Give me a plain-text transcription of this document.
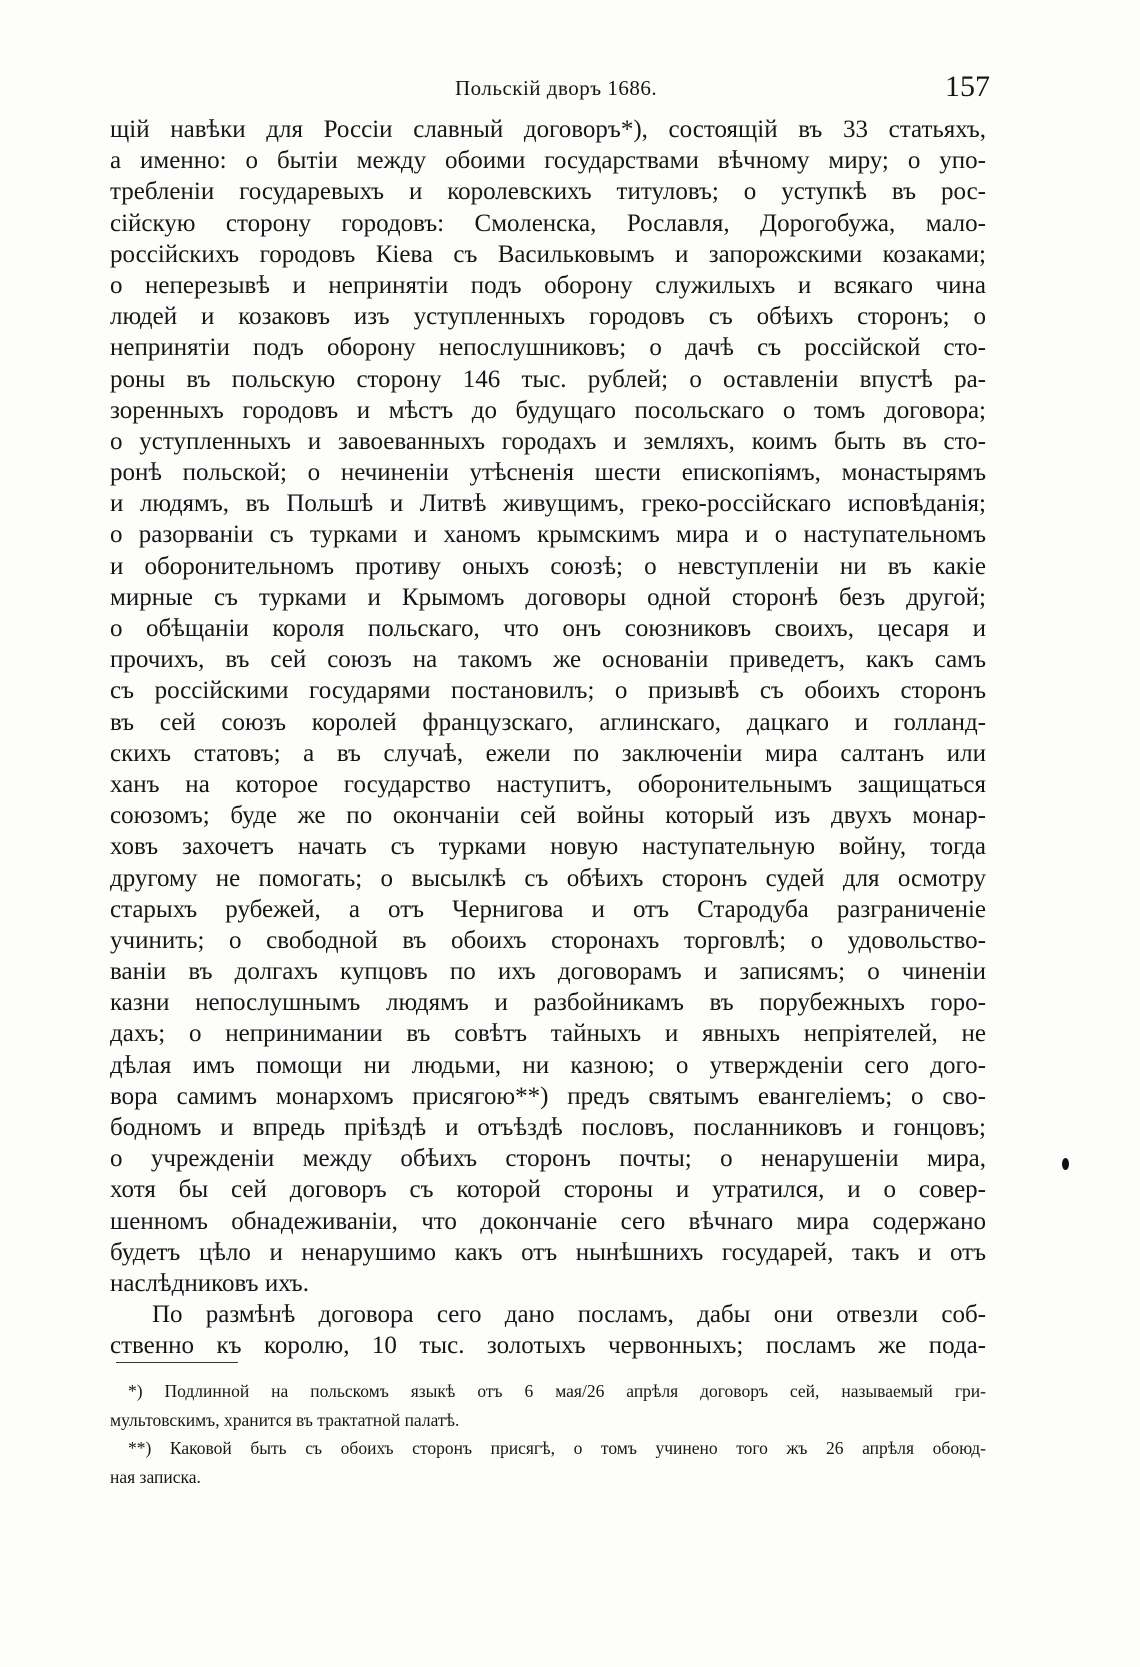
Польскій дворъ 1686.	157
щій навѣки для Россіи славный договоръ*), состоящій въ 33 статьяхъ,
а именно: о бытіи между обоими государствами вѣчному миру; о упо-
требленіи государевыхъ и королевскихъ титуловъ; о уступкѣ въ рос-
сійскую сторону городовъ: Смоленска, Рославля, Дорогобужа, мало-
россійскихъ городовъ Кіева съ Васильковымъ и запорожскими козаками;
о неперезывѣ и непринятіи подъ оборону служилыхъ и всякаго чина
людей и козаковъ изъ уступленныхъ городовъ съ обѣихъ сторонъ; о
непринятіи подъ оборону непослушниковъ; о дачѣ съ россійской сто-
роны въ польскую сторону 146 тыс. рублей; о оставленіи впустѣ ра-
зоренныхъ городовъ и мѣстъ до будущаго посольскаго о томъ договора;
о уступленныхъ и завоеванныхъ городахъ и земляхъ, коимъ быть въ сто-
ронѣ польской; о нечиненіи утѣсненія шести епископіямъ, монастырямъ
и людямъ, въ Польшѣ и Литвѣ живущимъ, греко-россійскаго исповѣданія;
о разорваніи съ турками и ханомъ крымскимъ мира и о наступательномъ
и оборонительномъ противу оныхъ союзѣ; о невступленіи ни въ какіе
мирные съ турками и Крымомъ договоры одной сторонѣ безъ другой;
о обѣщаніи короля польскаго, что онъ союзниковъ своихъ, цесаря и
прочихъ, въ сей союзъ на такомъ же основаніи приведетъ, какъ самъ
съ россійскими государями постановилъ; о призывѣ съ обоихъ сторонъ
въ сей союзъ королей французскаго, аглинскаго, дацкаго и голланд-
скихъ статовъ; а въ случаѣ, ежели по заключеніи мира салтанъ или
ханъ на которое государство наступитъ, оборонительнымъ защищаться
союзомъ; буде же по окончаніи сей войны который изъ двухъ монар-
ховъ захочетъ начать съ турками новую наступательную войну, тогда
другому не помогать; о высылкѣ съ обѣихъ сторонъ судей для осмотру
старыхъ рубежей, а отъ Чернигова и отъ Стародуба разграниченіе
учинить; о свободной въ обоихъ сторонахъ торговлѣ; о удовольство-
ваніи въ долгахъ купцовъ по ихъ договорамъ и записямъ; о чиненіи
казни непослушнымъ людямъ и разбойникамъ въ порубежныхъ горо-
дахъ; о непринимании въ совѣтъ тайныхъ и явныхъ непріятелей, не
дѣлая имъ помощи ни людьми, ни казною; о утвержденіи сего дого-
вора самимъ монархомъ присягою**) предъ святымъ евангеліемъ; о сво-
бодномъ и впредь пріѣздѣ и отъѣздѣ пословъ, посланниковъ и гонцовъ;
о учрежденіи между обѣихъ сторонъ почты; о ненарушеніи мира,
хотя бы сей договоръ съ которой стороны и утратился, и о совер-
шенномъ обнадеживаніи, что докончаніе сего вѣчнаго мира содержано
будетъ цѣло и ненарушимо какъ отъ нынѣшнихъ государей, такъ и отъ
наслѣдниковъ ихъ.
По размѣнѣ договора сего дано посламъ, дабы они отвезли соб-
ственно къ королю, 10 тыс. золотыхъ червонныхъ; посламъ же пода-
*) Подлинной на польскомъ языкѣ отъ 6 мая/26 апрѣля договоръ сей, называемый гри-
мультовскимъ, хранится въ трактатной палатѣ.
**) Каковой быть съ обоихъ сторонъ присягѣ, о томъ учинено того жъ 26 апрѣля обоюд-
ная записка.
